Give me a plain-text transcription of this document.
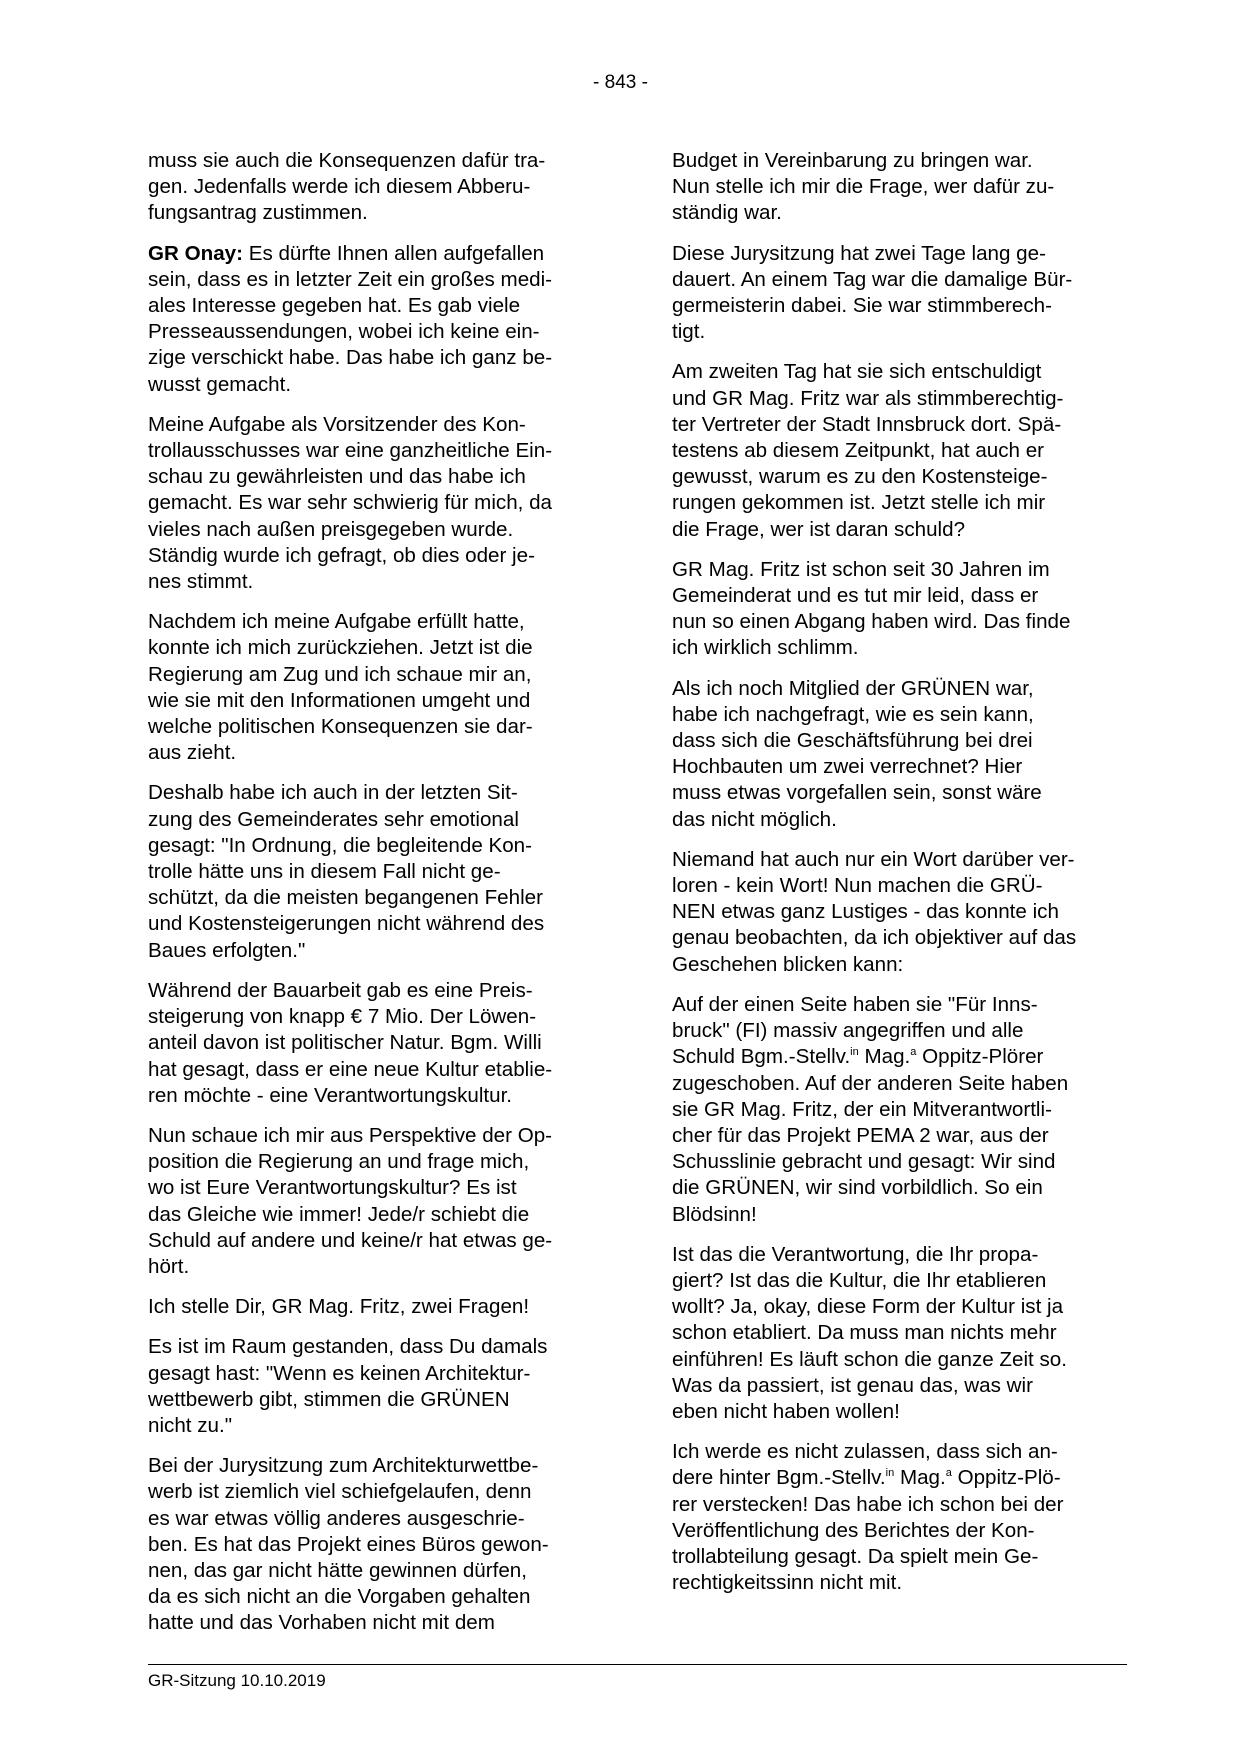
- 843 -

muss sie auch die Konsequenzen dafür tra-
gen. Jedenfalls werde ich diesem Abberu-
fungsantrag zustimmen.

GR Onay: Es dürfte Ihnen allen aufgefallen
sein, dass es in letzter Zeit ein großes medi-
ales Interesse gegeben hat. Es gab viele
Presseaussendungen, wobei ich keine ein-
zige verschickt habe. Das habe ich ganz be-
wusst gemacht.

Meine Aufgabe als Vorsitzender des Kon-
trollausschusses war eine ganzheitliche Ein-
schau zu gewährleisten und das habe ich
gemacht. Es war sehr schwierig für mich, da
vieles nach außen preisgegeben wurde.
Ständig wurde ich gefragt, ob dies oder je-
nes stimmt.

Nachdem ich meine Aufgabe erfüllt hatte,
konnte ich mich zurückziehen. Jetzt ist die
Regierung am Zug und ich schaue mir an,
wie sie mit den Informationen umgeht und
welche politischen Konsequenzen sie dar-
aus zieht.

Deshalb habe ich auch in der letzten Sit-
zung des Gemeinderates sehr emotional
gesagt: "In Ordnung, die begleitende Kon-
trolle hätte uns in diesem Fall nicht ge-
schützt, da die meisten begangenen Fehler
und Kostensteigerungen nicht während des
Baues erfolgten."

Während der Bauarbeit gab es eine Preis-
steigerung von knapp € 7 Mio. Der Löwen-
anteil davon ist politischer Natur. Bgm. Willi
hat gesagt, dass er eine neue Kultur etablie-
ren möchte - eine Verantwortungskultur.

Nun schaue ich mir aus Perspektive der Op-
position die Regierung an und frage mich,
wo ist Eure Verantwortungskultur? Es ist
das Gleiche wie immer! Jede/r schiebt die
Schuld auf andere und keine/r hat etwas ge-
hört.

Ich stelle Dir, GR Mag. Fritz, zwei Fragen!

Es ist im Raum gestanden, dass Du damals
gesagt hast: "Wenn es keinen Architektur-
wettbewerb gibt, stimmen die GRÜNEN
nicht zu."

Bei der Jurysitzung zum Architekturwettbe-
werb ist ziemlich viel schiefgelaufen, denn
es war etwas völlig anderes ausgeschrie-
ben. Es hat das Projekt eines Büros gewon-
nen, das gar nicht hätte gewinnen dürfen,
da es sich nicht an die Vorgaben gehalten
hatte und das Vorhaben nicht mit dem

Budget in Vereinbarung zu bringen war.
Nun stelle ich mir die Frage, wer dafür zu-
ständig war.

Diese Jurysitzung hat zwei Tage lang ge-
dauert. An einem Tag war die damalige Bür-
germeisterin dabei. Sie war stimmberech-
tigt.

Am zweiten Tag hat sie sich entschuldigt
und GR Mag. Fritz war als stimmberechtig-
ter Vertreter der Stadt Innsbruck dort. Spä-
testens ab diesem Zeitpunkt, hat auch er
gewusst, warum es zu den Kostensteige-
rungen gekommen ist. Jetzt stelle ich mir
die Frage, wer ist daran schuld?

GR Mag. Fritz ist schon seit 30 Jahren im
Gemeinderat und es tut mir leid, dass er
nun so einen Abgang haben wird. Das finde
ich wirklich schlimm.

Als ich noch Mitglied der GRÜNEN war,
habe ich nachgefragt, wie es sein kann,
dass sich die Geschäftsführung bei drei
Hochbauten um zwei verrechnet? Hier
muss etwas vorgefallen sein, sonst wäre
das nicht möglich.

Niemand hat auch nur ein Wort darüber ver-
loren - kein Wort! Nun machen die GRÜ-
NEN etwas ganz Lustiges - das konnte ich
genau beobachten, da ich objektiver auf das
Geschehen blicken kann:

Auf der einen Seite haben sie "Für Inns-
bruck" (FI) massiv angegriffen und alle
Schuld Bgm.-Stellv.$^{in}$ Mag.$^a$ Oppitz-Plörer
zugeschoben. Auf der anderen Seite haben
sie GR Mag. Fritz, der ein Mitverantwortli-
cher für das Projekt PEMA 2 war, aus der
Schusslinie gebracht und gesagt: Wir sind
die GRÜNEN, wir sind vorbildlich. So ein
Blödsinn!

Ist das die Verantwortung, die Ihr propa-
giert? Ist das die Kultur, die Ihr etablieren
wollt? Ja, okay, diese Form der Kultur ist ja
schon etabliert. Da muss man nichts mehr
einführen! Es läuft schon die ganze Zeit so.
Was da passiert, ist genau das, was wir
eben nicht haben wollen!

Ich werde es nicht zulassen, dass sich an-
dere hinter Bgm.-Stellv.$^{in}$ Mag.$^a$ Oppitz-Plö-
rer verstecken! Das habe ich schon bei der
Veröffentlichung des Berichtes der Kon-
trollabteilung gesagt. Da spielt mein Ge-
rechtigkeitssinn nicht mit.

GR-Sitzung 10.10.2019
